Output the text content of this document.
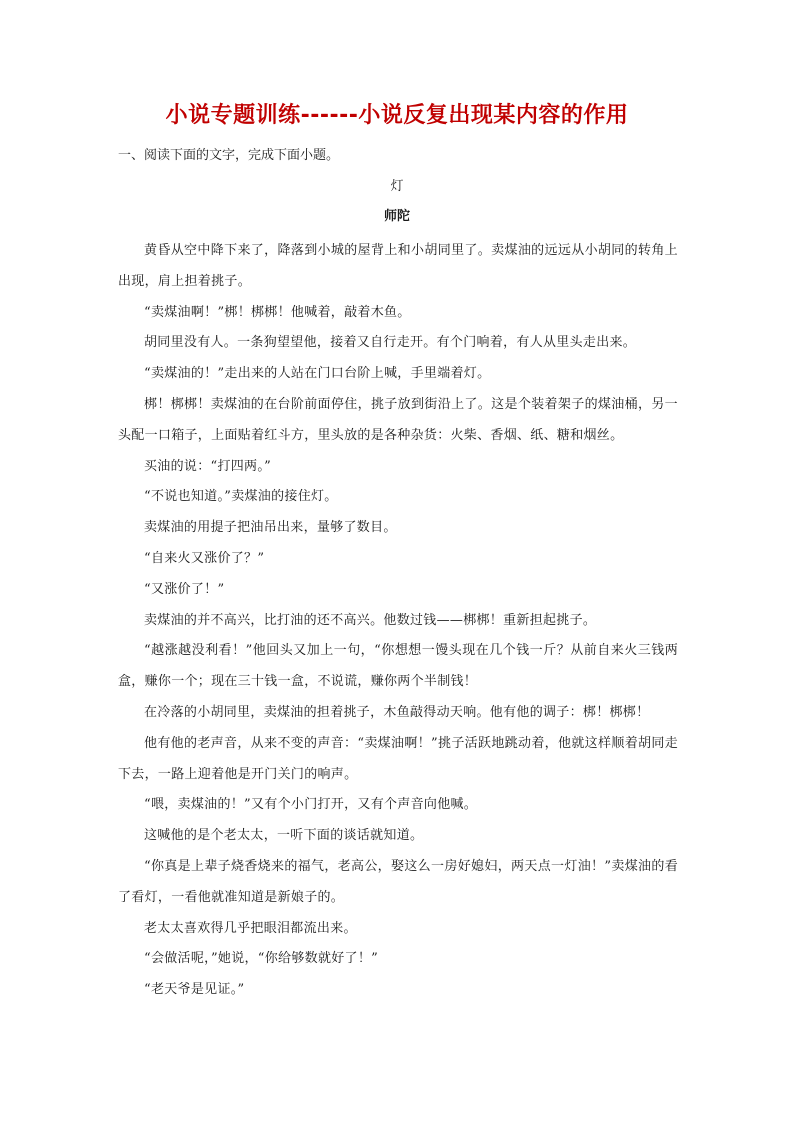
小说专题训练------小说反复出现某内容的作用
一、阅读下面的文字，完成下面小题。
灯
师陀

黄昏从空中降下来了，降落到小城的屋背上和小胡同里了。卖煤油的远远从小胡同的转角上出现，肩上担着挑子。

“卖煤油啊！”梆！梆梆！他喊着，敲着木鱼。

胡同里没有人。一条狗望望他，接着又自行走开。有个门响着，有人从里头走出来。

“卖煤油的！”走出来的人站在门口台阶上喊，手里端着灯。

梆！梆梆！卖煤油的在台阶前面停住，挑子放到街沿上了。这是个装着架子的煤油桶，另一头配一口箱子，上面贴着红斗方，里头放的是各种杂货：火柴、香烟、纸、糖和烟丝。

买油的说：“打四两。”

“不说也知道。”卖煤油的接住灯。

卖煤油的用提子把油吊出来，量够了数目。

“自来火又涨价了？”

“又涨价了！”

卖煤油的并不高兴，比打油的还不高兴。他数过钱——梆梆！重新担起挑子。

“越涨越没利看！”他回头又加上一句，“你想想一馒头现在几个钱一斤？从前自来火三钱两盒，赚你一个；现在三十钱一盒，不说谎，赚你两个半制钱！

在冷落的小胡同里，卖煤油的担着挑子，木鱼敲得动天响。他有他的调子：梆！梆梆！

他有他的老声音，从来不变的声音：“卖煤油啊！”挑子活跃地跳动着，他就这样顺着胡同走下去，一路上迎着他是开门关门的响声。

“喂，卖煤油的！”又有个小门打开，又有个声音向他喊。

这喊他的是个老太太，一听下面的谈话就知道。

“你真是上辈子烧香烧来的福气，老高公，娶这么一房好媳妇，两天点一灯油！”卖煤油的看了看灯，一看他就准知道是新娘子的。

老太太喜欢得几乎把眼泪都流出来。

“会做活呢，”她说，“你给够数就好了！”

“老天爷是见证。”
